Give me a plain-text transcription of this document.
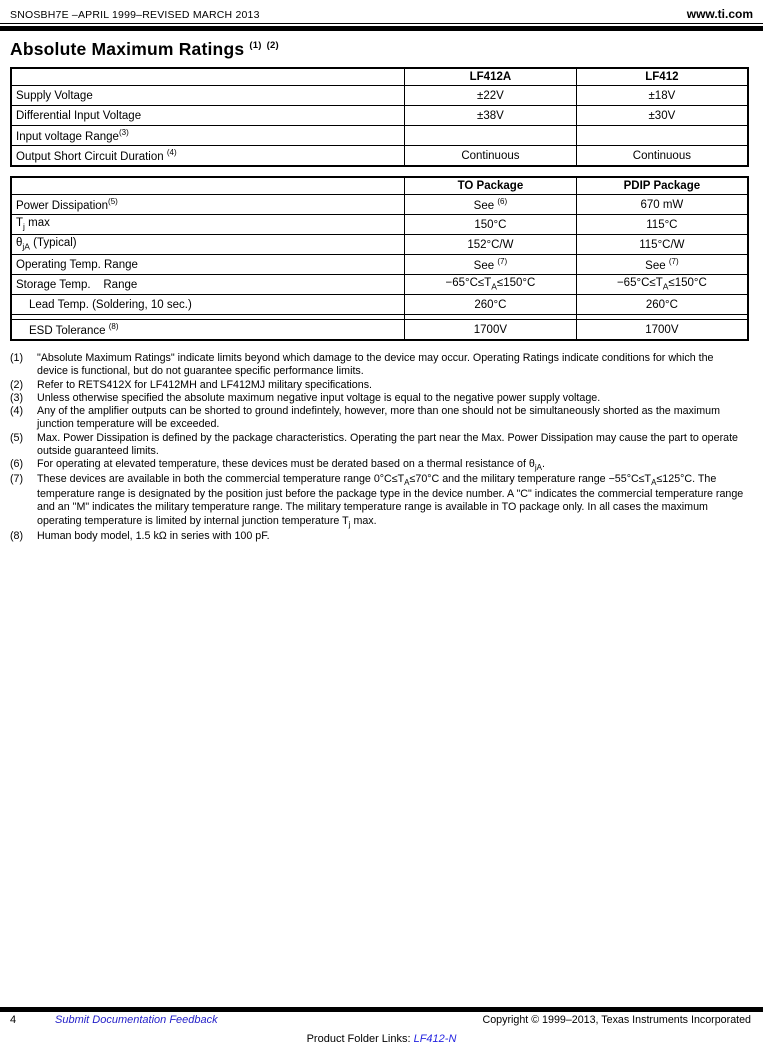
SNOSBH7E –APRIL 1999–REVISED MARCH 2013	www.ti.com
Absolute Maximum Ratings $^{(1)}$ $^{(2)}$
	LF412A	LF412
Supply Voltage	±22V	±18V
Differential Input Voltage	±38V	±30V
Input voltage Range$^{(3)}$		
Output Short Circuit Duration $^{(4)}$	Continuous	Continuous
	TO Package	PDIP Package
Power Dissipation$^{(5)}$	See $^{(6)}$	670 mW
$T_j$ max	150°C	115°C
$\theta_{jA}$ (Typical)	152°C/W	115°C/W
Operating Temp. Range	See $^{(7)}$	See $^{(7)}$
Storage Temp.    Range	$-65^\circ C\le T_A\le 150^\circ C$	$-65^\circ C\le T_A\le 150^\circ C$
Lead Temp. (Soldering, 10 sec.)	260°C	260°C

ESD Tolerance $^{(8)}$	1700V	1700V
(1)	"Absolute Maximum Ratings" indicate limits beyond which damage to the device may occur. Operating Ratings indicate conditions for which the device is functional, but do not guarantee specific performance limits.
(2)	Refer to RETS412X for LF412MH and LF412MJ military specifications.
(3)	Unless otherwise specified the absolute maximum negative input voltage is equal to the negative power supply voltage.
(4)	Any of the amplifier outputs can be shorted to ground indefintely, however, more than one should not be simultaneously shorted as the maximum junction temperature will be exceeded.
(5)	Max. Power Dissipation is defined by the package characteristics. Operating the part near the Max. Power Dissipation may cause the part to operate outside guaranteed limits.
(6)	For operating at elevated temperature, these devices must be derated based on a thermal resistance of $\theta_{jA}$.
(7)	These devices are available in both the commercial temperature range $0^\circ C\le T_A\le 70^\circ C$ and the military temperature range $-55^\circ C\le T_A\le 125^\circ C$. The temperature range is designated by the position just before the package type in the device number. A "C" indicates the commercial temperature range and an "M" indicates the military temperature range. The military temperature range is available in TO package only. In all cases the maximum operating temperature is limited by internal junction temperature $T_j$ max.
(8)	Human body model, 1.5 kΩ in series with 100 pF.
4	Submit Documentation Feedback	Copyright © 1999–2013, Texas Instruments Incorporated
Product Folder Links: LF412-N
